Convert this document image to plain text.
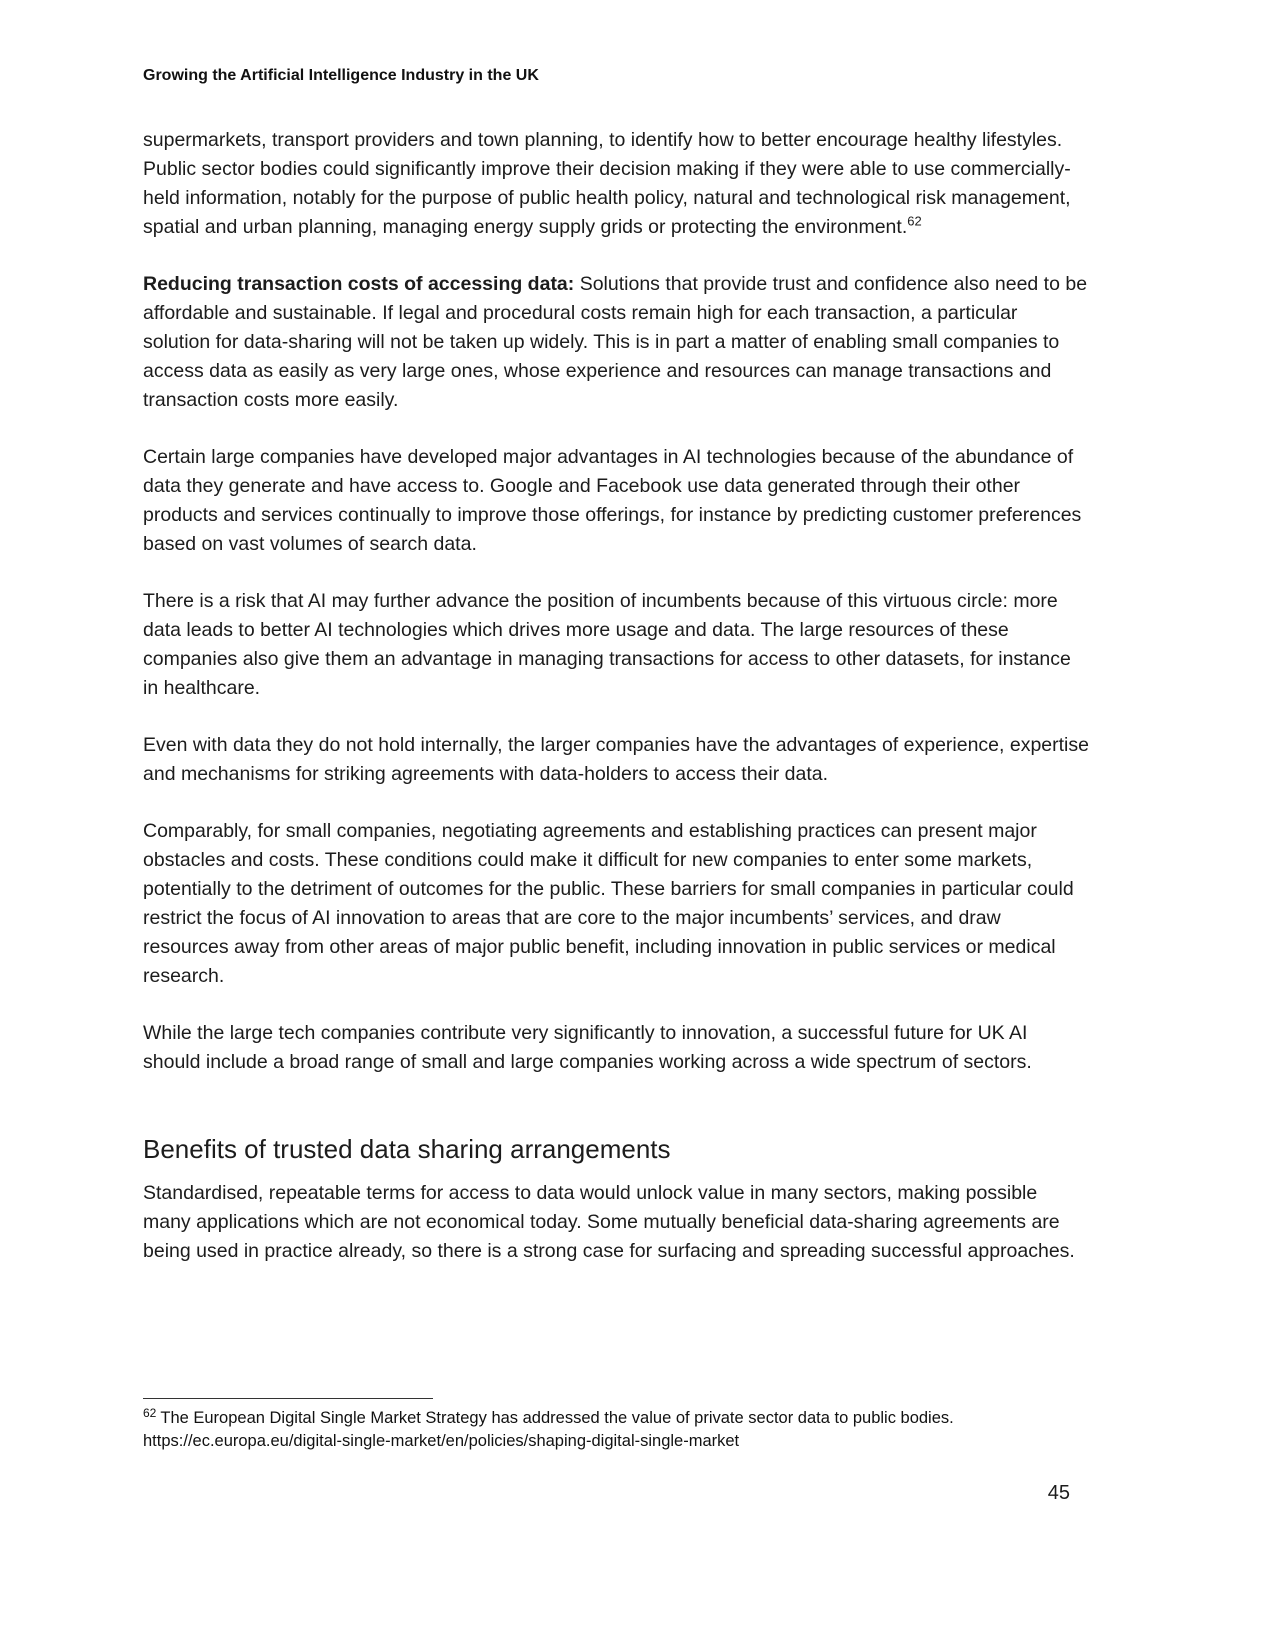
Growing the Artificial Intelligence Industry in the UK

supermarkets, transport providers and town planning, to identify how to better encourage healthy lifestyles. Public sector bodies could significantly improve their decision making if they were able to use commercially-held information, notably for the purpose of public health policy, natural and technological risk management, spatial and urban planning, managing energy supply grids or protecting the environment.$^{62}$

Reducing transaction costs of accessing data: Solutions that provide trust and confidence also need to be affordable and sustainable. If legal and procedural costs remain high for each transaction, a particular solution for data-sharing will not be taken up widely. This is in part a matter of enabling small companies to access data as easily as very large ones, whose experience and resources can manage transactions and transaction costs more easily.

Certain large companies have developed major advantages in AI technologies because of the abundance of data they generate and have access to. Google and Facebook use data generated through their other products and services continually to improve those offerings, for instance by predicting customer preferences based on vast volumes of search data.

There is a risk that AI may further advance the position of incumbents because of this virtuous circle: more data leads to better AI technologies which drives more usage and data. The large resources of these companies also give them an advantage in managing transactions for access to other datasets, for instance in healthcare.

Even with data they do not hold internally, the larger companies have the advantages of experience, expertise and mechanisms for striking agreements with data-holders to access their data.

Comparably, for small companies, negotiating agreements and establishing practices can present major obstacles and costs. These conditions could make it difficult for new companies to enter some markets, potentially to the detriment of outcomes for the public. These barriers for small companies in particular could restrict the focus of AI innovation to areas that are core to the major incumbents’ services, and draw resources away from other areas of major public benefit, including innovation in public services or medical research.

While the large tech companies contribute very significantly to innovation, a successful future for UK AI should include a broad range of small and large companies working across a wide spectrum of sectors.

Benefits of trusted data sharing arrangements

Standardised, repeatable terms for access to data would unlock value in many sectors, making possible many applications which are not economical today. Some mutually beneficial data-sharing agreements are being used in practice already, so there is a strong case for surfacing and spreading successful approaches.

$^{62}$ The European Digital Single Market Strategy has addressed the value of private sector data to public bodies.
https://ec.europa.eu/digital-single-market/en/policies/shaping-digital-single-market
45
